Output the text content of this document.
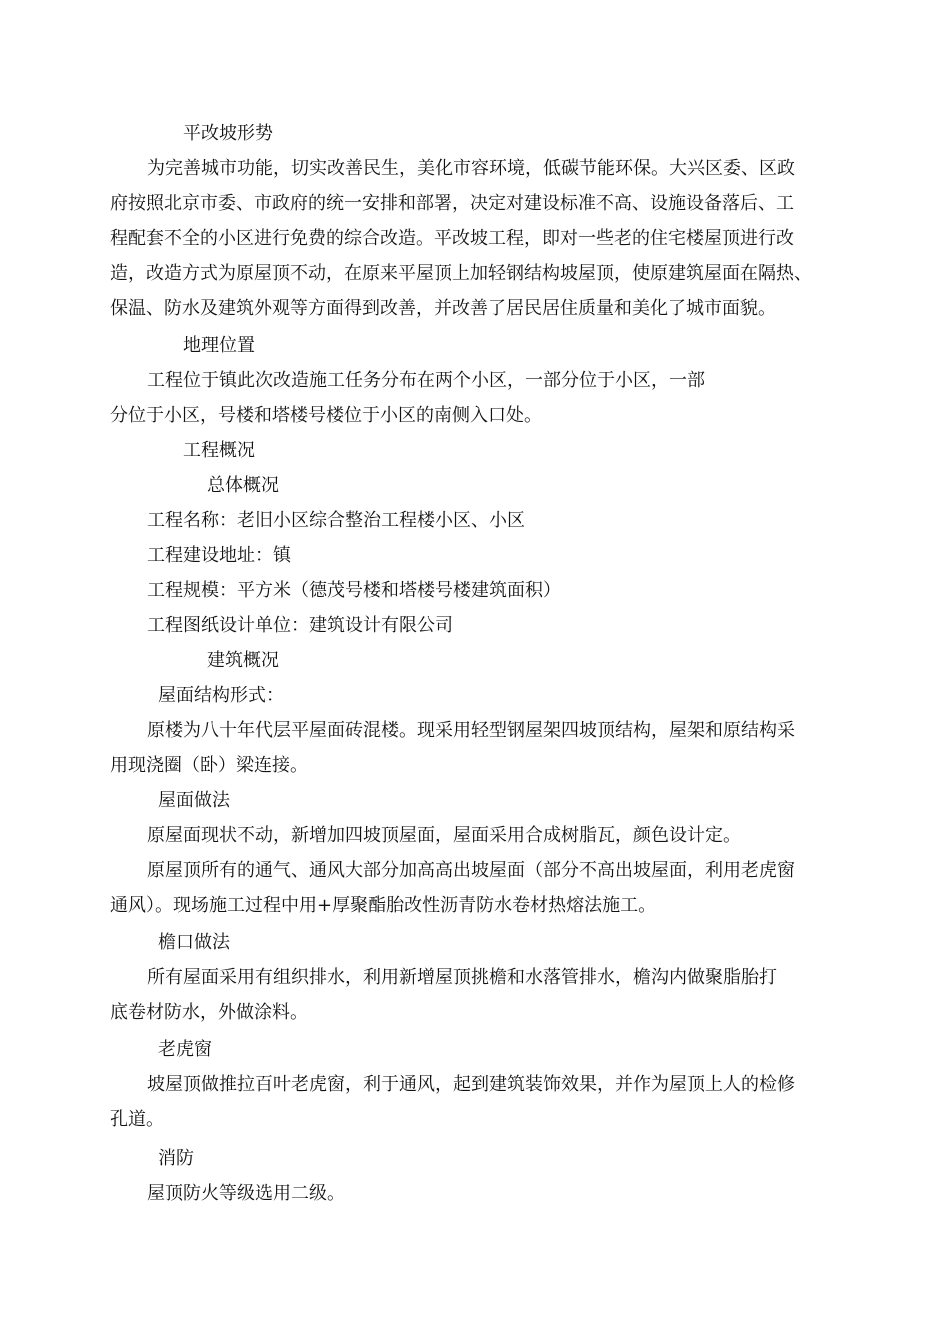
平改坡形势
为完善城市功能，切实改善民生，美化市容环境，低碳节能环保。大兴区委、区政
府按照北京市委、市政府的统一安排和部署，决定对建设标准不高、设施设备落后、工
程配套不全的小区进行免费的综合改造。平改坡工程，即对一些老的住宅楼屋顶进行改
造，改造方式为原屋顶不动，在原来平屋顶上加轻钢结构坡屋顶，使原建筑屋面在隔热、
保温、防水及建筑外观等方面得到改善，并改善了居民居住质量和美化了城市面貌。
地理位置
工程位于镇此次改造施工任务分布在两个小区，一部分位于小区，一部
分位于小区，号楼和塔楼号楼位于小区的南侧入口处。
工程概况
总体概况
工程名称：老旧小区综合整治工程楼小区、小区
工程建设地址：镇
工程规模：平方米（德茂号楼和塔楼号楼建筑面积）
工程图纸设计单位：建筑设计有限公司
建筑概况
屋面结构形式：
原楼为八十年代层平屋面砖混楼。现采用轻型钢屋架四坡顶结构，屋架和原结构采
用现浇圈（卧）梁连接。
屋面做法
原屋面现状不动，新增加四坡顶屋面，屋面采用合成树脂瓦，颜色设计定。
原屋顶所有的通气、通风大部分加高高出坡屋面（部分不高出坡屋面，利用老虎窗
通风）。现场施工过程中用+厚聚酯胎改性沥青防水卷材热熔法施工。
檐口做法
所有屋面采用有组织排水，利用新增屋顶挑檐和水落管排水，檐沟内做聚脂胎打
底卷材防水，外做涂料。
老虎窗
坡屋顶做推拉百叶老虎窗，利于通风，起到建筑装饰效果，并作为屋顶上人的检修
孔道。
消防
屋顶防火等级选用二级。
